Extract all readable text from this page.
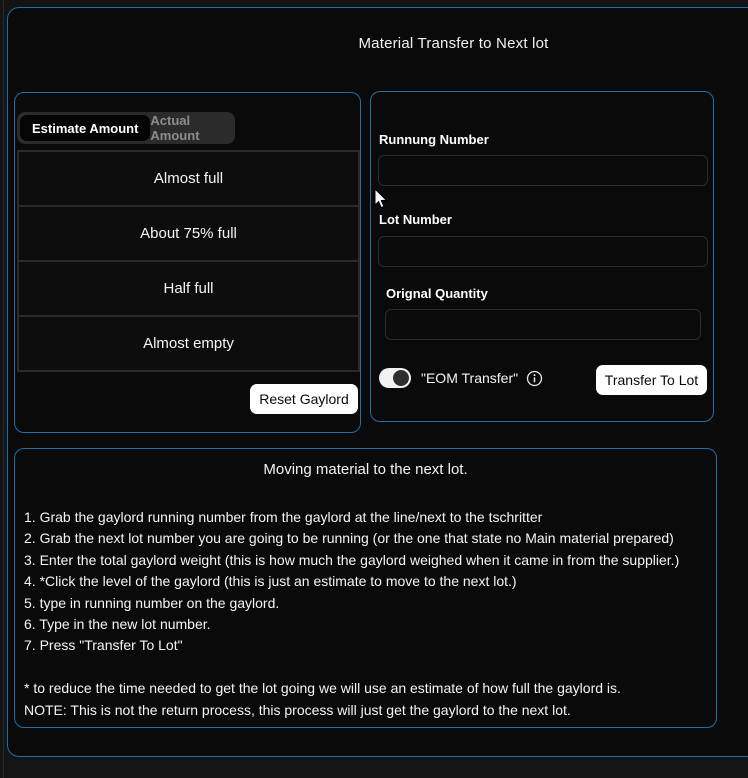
Material Transfer to Next lot
Estimate Amount Actual Amount
Almost full
About 75% full
Half full
Almost empty
Reset Gaylord
Runnung Number
Lot Number
Orignal Quantity
"EOM Transfer"	Transfer To Lot
Moving material to the next lot.
1. Grab the gaylord running number from the gaylord at the line/next to the tschritter
2. Grab the next lot number you are going to be running (or the one that state no Main material prepared)
3. Enter the total gaylord weight (this is how much the gaylord weighed when it came in from the supplier.)
4. *Click the level of the gaylord (this is just an estimate to move to the next lot.)
5. type in running number on the gaylord.
6. Type in the new lot number.
7. Press "Transfer To Lot"
* to reduce the time needed to get the lot going we will use an estimate of how full the gaylord is.
NOTE: This is not the return process, this process will just get the gaylord to the next lot.
